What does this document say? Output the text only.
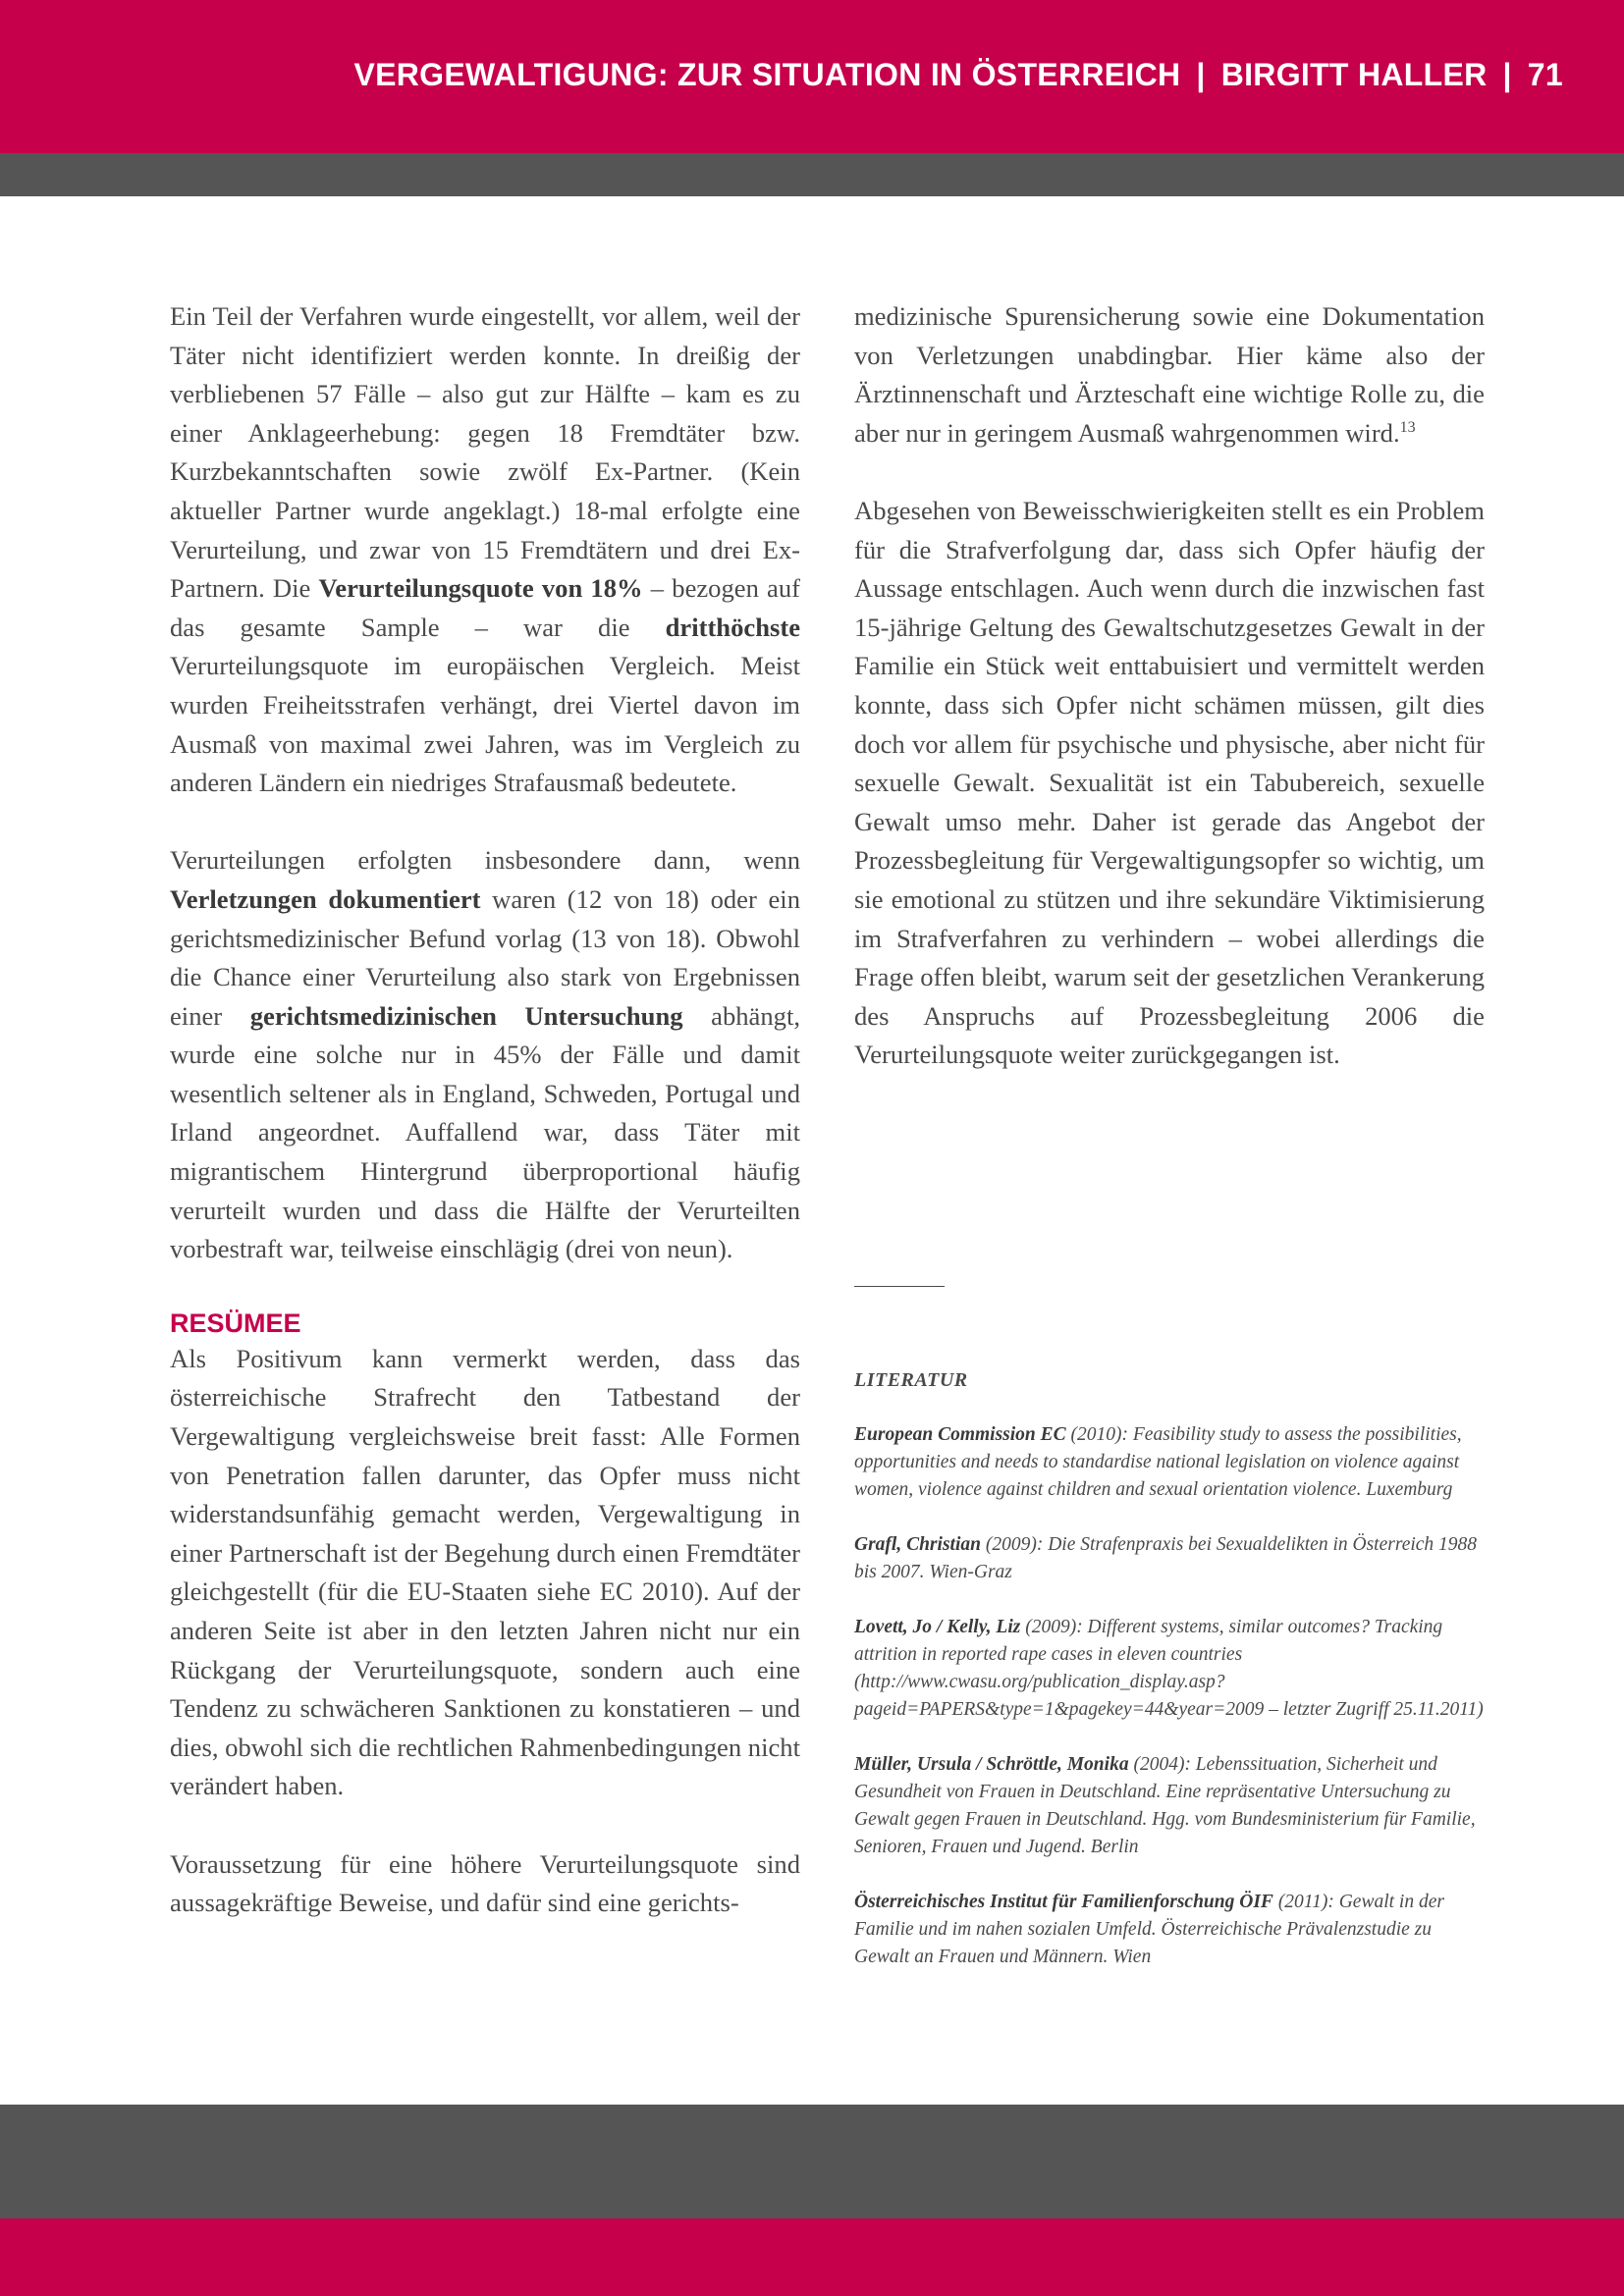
VERGEWALTIGUNG: ZUR SITUATION IN ÖSTERREICH | BIRGITT HALLER | 71

Ein Teil der Verfahren wurde eingestellt, vor allem, weil der Täter nicht identifiziert werden konnte. In dreißig der verbliebenen 57 Fälle – also gut zur Hälfte – kam es zu einer Anklageerhebung: gegen 18 Fremdtäter bzw. Kurzbekanntschaften sowie zwölf Ex-Partner. (Kein aktueller Partner wurde angeklagt.) 18-mal erfolgte eine Verurteilung, und zwar von 15 Fremdtätern und drei Ex-Partnern. Die Verurteilungsquote von 18% – bezogen auf das gesamte Sample – war die dritthöchste Verurteilungsquote im europäischen Vergleich. Meist wurden Freiheitsstrafen verhängt, drei Viertel davon im Ausmaß von maximal zwei Jahren, was im Vergleich zu anderen Ländern ein niedriges Strafausmaß bedeutete.

Verurteilungen erfolgten insbesondere dann, wenn Verletzungen dokumentiert waren (12 von 18) oder ein gerichtsmedizinischer Befund vorlag (13 von 18). Obwohl die Chance einer Verurteilung also stark von Ergebnissen einer gerichtsmedizinischen Untersuchung abhängt, wurde eine solche nur in 45% der Fälle und damit wesentlich seltener als in England, Schweden, Portugal und Irland angeordnet. Auffallend war, dass Täter mit migrantischem Hintergrund überproportional häufig verurteilt wurden und dass die Hälfte der Verurteilten vorbestraft war, teilweise einschlägig (drei von neun).

RESÜMEE

Als Positivum kann vermerkt werden, dass das österreichische Strafrecht den Tatbestand der Vergewaltigung vergleichsweise breit fasst: Alle Formen von Penetration fallen darunter, das Opfer muss nicht widerstandsunfähig gemacht werden, Vergewaltigung in einer Partnerschaft ist der Begehung durch einen Fremdtäter gleichgestellt (für die EU-Staaten siehe EC 2010). Auf der anderen Seite ist aber in den letzten Jahren nicht nur ein Rückgang der Verurteilungsquote, sondern auch eine Tendenz zu schwächeren Sanktionen zu konstatieren – und dies, obwohl sich die rechtlichen Rahmenbedingungen nicht verändert haben.

Voraussetzung für eine höhere Verurteilungsquote sind aussagekräftige Beweise, und dafür sind eine gerichts-

medizinische Spurensicherung sowie eine Dokumentation von Verletzungen unabdingbar. Hier käme also der Ärztinnenschaft und Ärzteschaft eine wichtige Rolle zu, die aber nur in geringem Ausmaß wahrgenommen wird.$^{13}$

Abgesehen von Beweisschwierigkeiten stellt es ein Problem für die Strafverfolgung dar, dass sich Opfer häufig der Aussage entschlagen. Auch wenn durch die inzwischen fast 15-jährige Geltung des Gewaltschutzgesetzes Gewalt in der Familie ein Stück weit enttabuisiert und vermittelt werden konnte, dass sich Opfer nicht schämen müssen, gilt dies doch vor allem für psychische und physische, aber nicht für sexuelle Gewalt. Sexualität ist ein Tabubereich, sexuelle Gewalt umso mehr. Daher ist gerade das Angebot der Prozessbegleitung für Vergewaltigungsopfer so wichtig, um sie emotional zu stützen und ihre sekundäre Viktimisierung im Strafverfahren zu verhindern – wobei allerdings die Frage offen bleibt, warum seit der gesetzlichen Verankerung des Anspruchs auf Prozessbegleitung 2006 die Verurteilungsquote weiter zurückgegangen ist.

LITERATUR
European Commission EC (2010): Feasibility study to assess the possibilities, opportunities and needs to standardise national legislation on violence against women, violence against children and sexual orientation violence. Luxemburg
Grafl, Christian (2009): Die Strafenpraxis bei Sexualdelikten in Österreich 1988 bis 2007. Wien-Graz
Lovett, Jo / Kelly, Liz (2009): Different systems, similar outcomes? Tracking attrition in reported rape cases in eleven countries (http://www.cwasu.org/publication_display.asp?pageid=PAPERS&type=1&pagekey=44&year=2009 – letzter Zugriff 25.11.2011)
Müller, Ursula / Schröttle, Monika (2004): Lebenssituation, Sicherheit und Gesundheit von Frauen in Deutschland. Eine repräsentative Untersuchung zu Gewalt gegen Frauen in Deutschland. Hgg. vom Bundesministerium für Familie, Senioren, Frauen und Jugend. Berlin
Österreichisches Institut für Familienforschung ÖIF (2011): Gewalt in der Familie und im nahen sozialen Umfeld. Österreichische Prävalenzstudie zu Gewalt an Frauen und Männern. Wien
